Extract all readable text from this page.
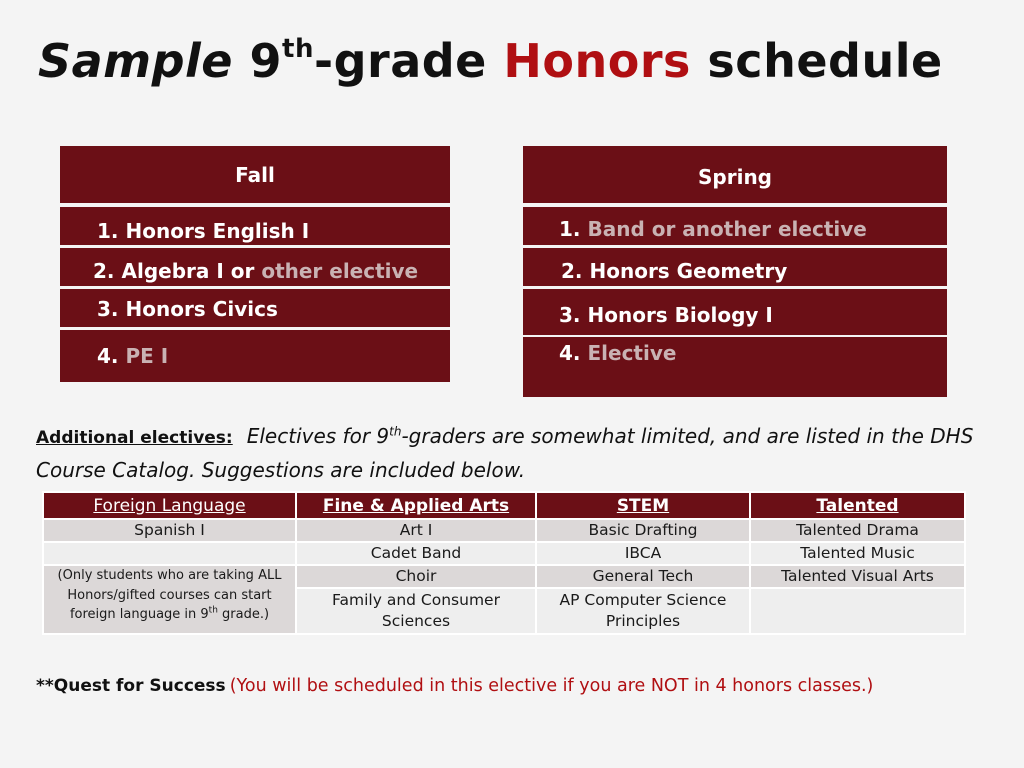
Sample 9th-grade Honors schedule
Fall
1.
Honors English I
2.
Algebra I or
other elective
3.
Honors Civics
4.
PE I
Spring
1.
Band or another elective
2.
Honors Geometry
3.
Honors Biology I
4.
Elective
Additional electives: Electives for 9th-graders are somewhat limited, and are listed in the DHS Course Catalog. Suggestions are included below.
Foreign Language	Fine & Applied Arts	STEM	Talented
Spanish I	Art I	Basic Drafting	Talented Drama
	Cadet Band	IBCA	Talented Music
(Only students who are taking ALL Honors/gifted courses can start foreign language in 9th grade.)	Choir	General Tech	Talented Visual Arts
	Family and Consumer Sciences	AP Computer Science Principles	
**Quest for Success (You will be scheduled in this elective if you are NOT in 4 honors classes.)
